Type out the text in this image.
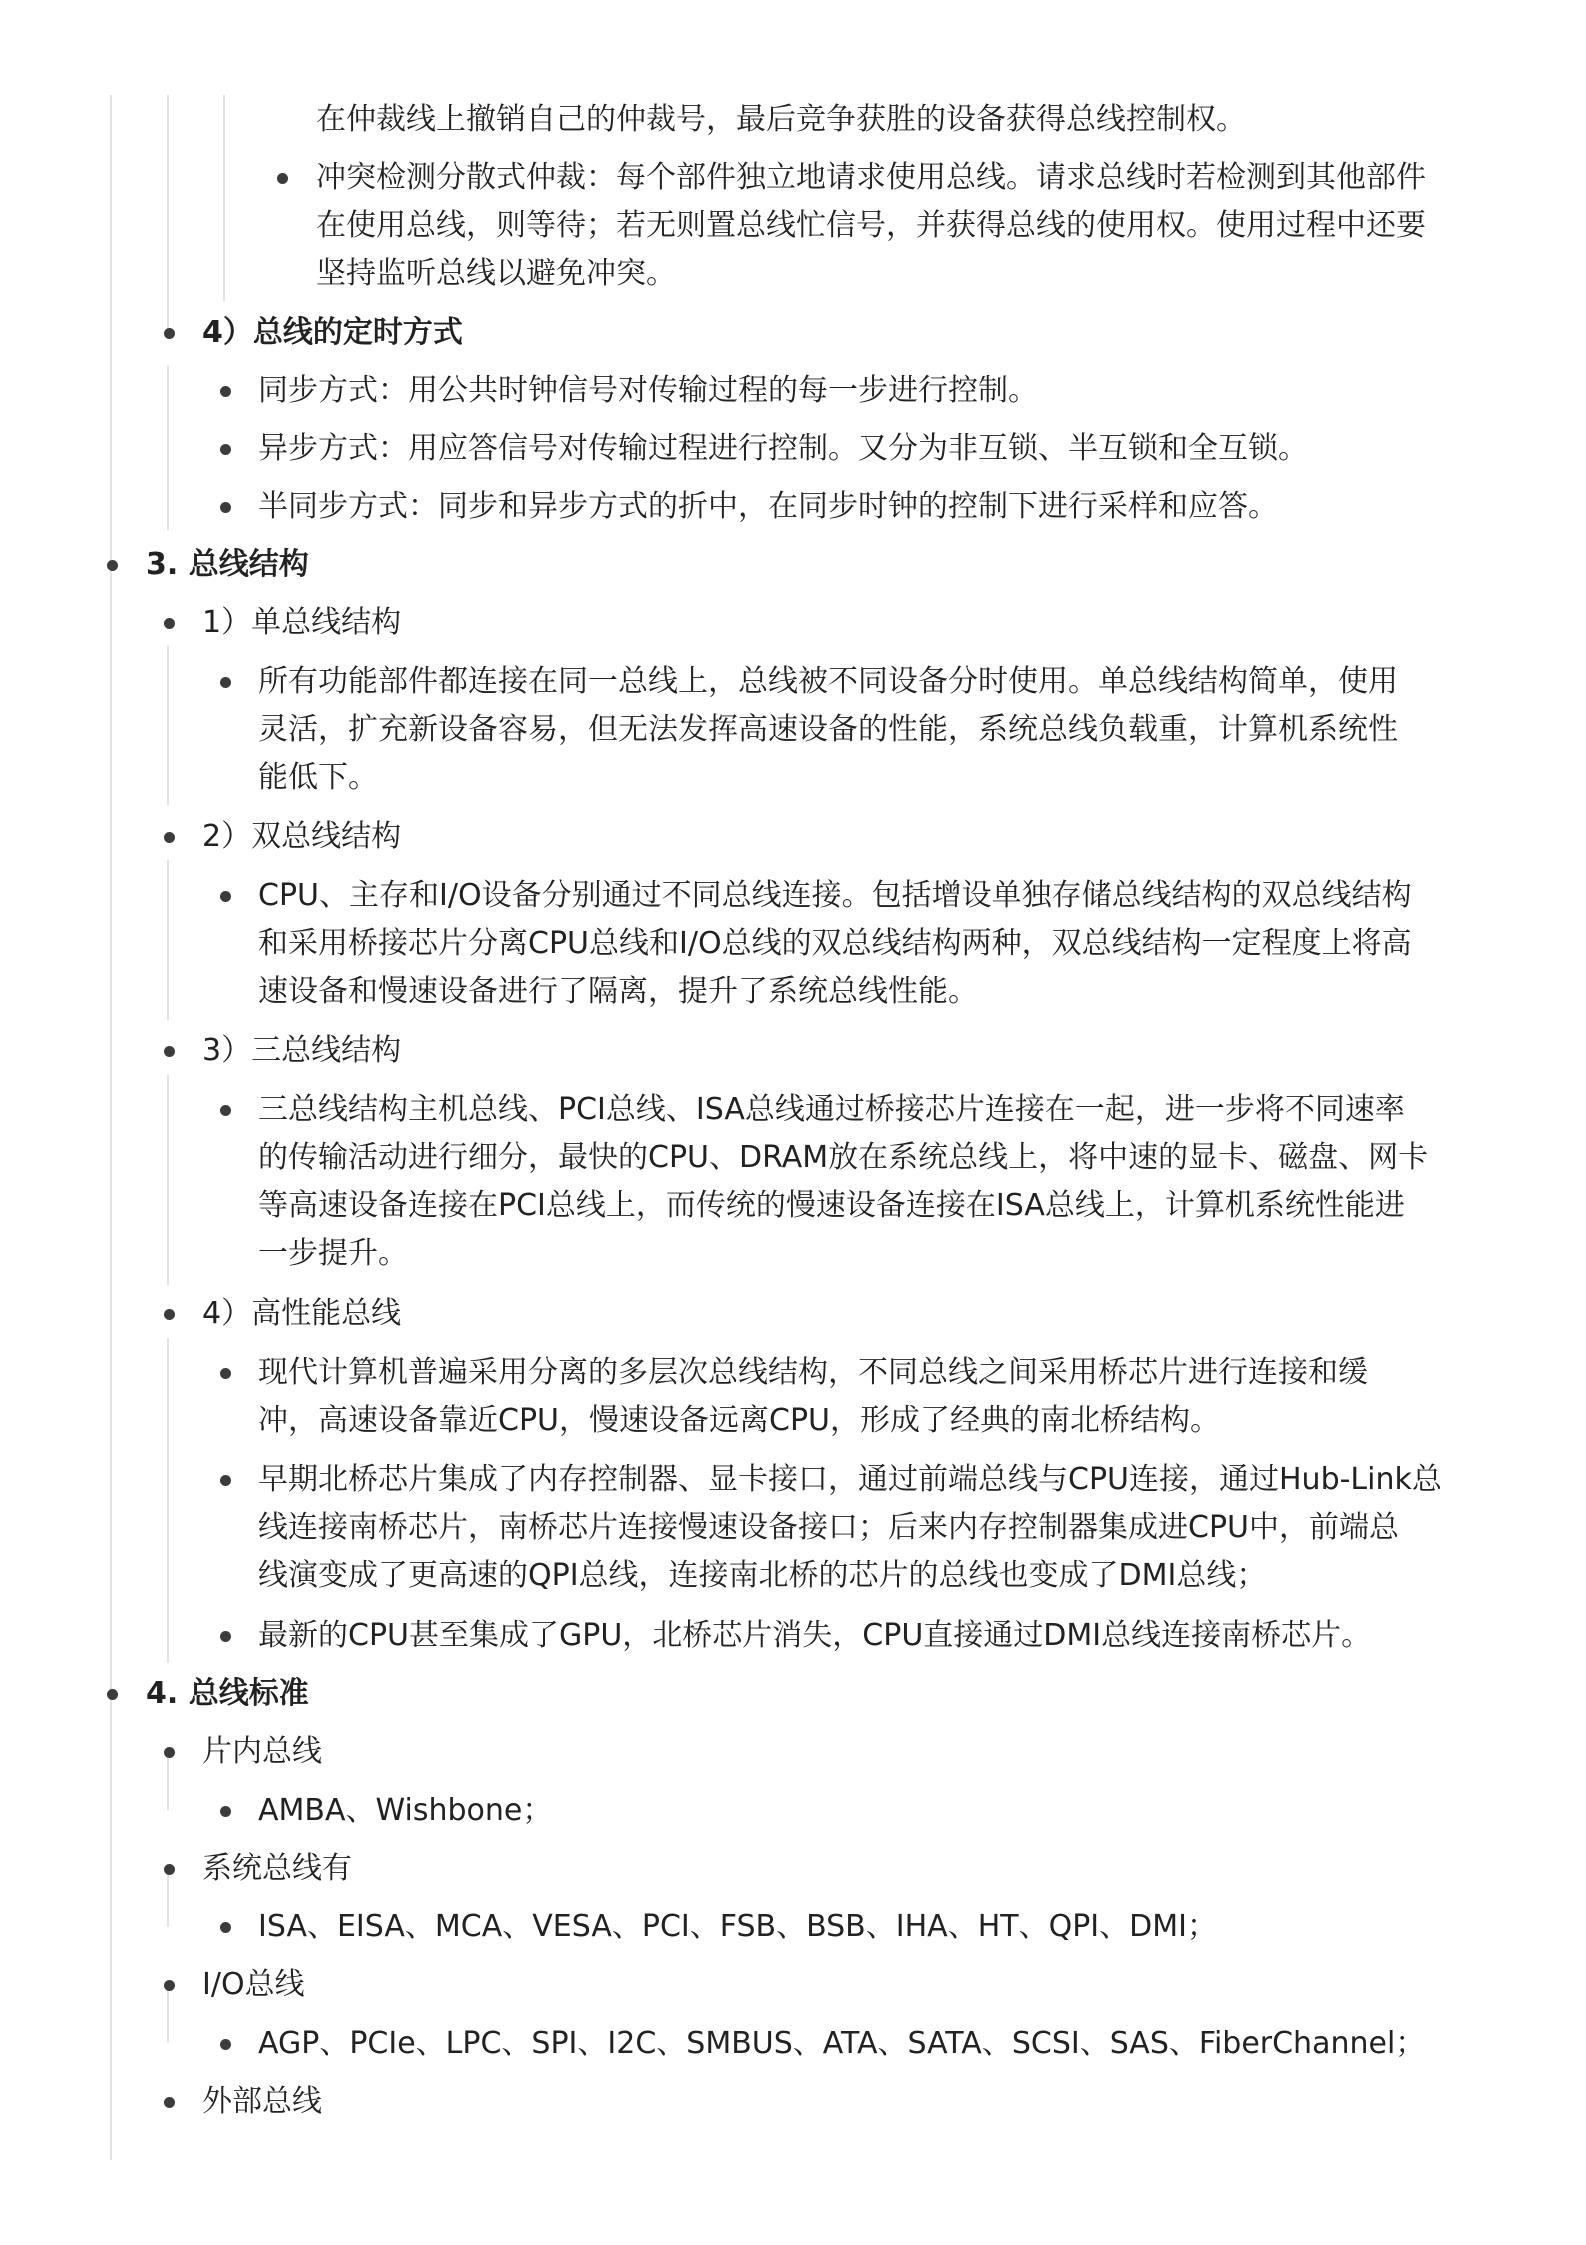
在仲裁线上撤销自己的仲裁号，最后竞争获胜的设备获得总线控制权。
冲突检测分散式仲裁：每个部件独立地请求使用总线。请求总线时若检测到其他部件
在使用总线，则等待；若无则置总线忙信号，并获得总线的使用权。使用过程中还要
坚持监听总线以避免冲突。
4）总线的定时方式
同步方式：用公共时钟信号对传输过程的每一步进行控制。
异步方式：用应答信号对传输过程进行控制。又分为非互锁、半互锁和全互锁。
半同步方式：同步和异步方式的折中，在同步时钟的控制下进行采样和应答。
3. 总线结构
1）单总线结构
所有功能部件都连接在同一总线上，总线被不同设备分时使用。单总线结构简单，使用
灵活，扩充新设备容易，但无法发挥高速设备的性能，系统总线负载重，计算机系统性
能低下。
2）双总线结构
CPU、主存和I/O设备分别通过不同总线连接。包括增设单独存储总线结构的双总线结构
和采用桥接芯片分离CPU总线和I/O总线的双总线结构两种，双总线结构一定程度上将高
速设备和慢速设备进行了隔离，提升了系统总线性能。
3）三总线结构
三总线结构主机总线、PCI总线、ISA总线通过桥接芯片连接在一起，进一步将不同速率
的传输活动进行细分，最快的CPU、DRAM放在系统总线上，将中速的显卡、磁盘、网卡
等高速设备连接在PCI总线上，而传统的慢速设备连接在ISA总线上，计算机系统性能进
一步提升。
4）高性能总线
现代计算机普遍采用分离的多层次总线结构，不同总线之间采用桥芯片进行连接和缓
冲，高速设备靠近CPU，慢速设备远离CPU，形成了经典的南北桥结构。
早期北桥芯片集成了内存控制器、显卡接口，通过前端总线与CPU连接，通过Hub-Link总
线连接南桥芯片，南桥芯片连接慢速设备接口；后来内存控制器集成进CPU中，前端总
线演变成了更高速的QPI总线，连接南北桥的芯片的总线也变成了DMI总线；
最新的CPU甚至集成了GPU，北桥芯片消失，CPU直接通过DMI总线连接南桥芯片。
4. 总线标准
片内总线
AMBA、Wishbone；
系统总线有
ISA、EISA、MCA、VESA、PCI、FSB、BSB、IHA、HT、QPI、DMI；
I/O总线
AGP、PCIe、LPC、SPI、I2C、SMBUS、ATA、SATA、SCSI、SAS、FiberChannel；
外部总线
